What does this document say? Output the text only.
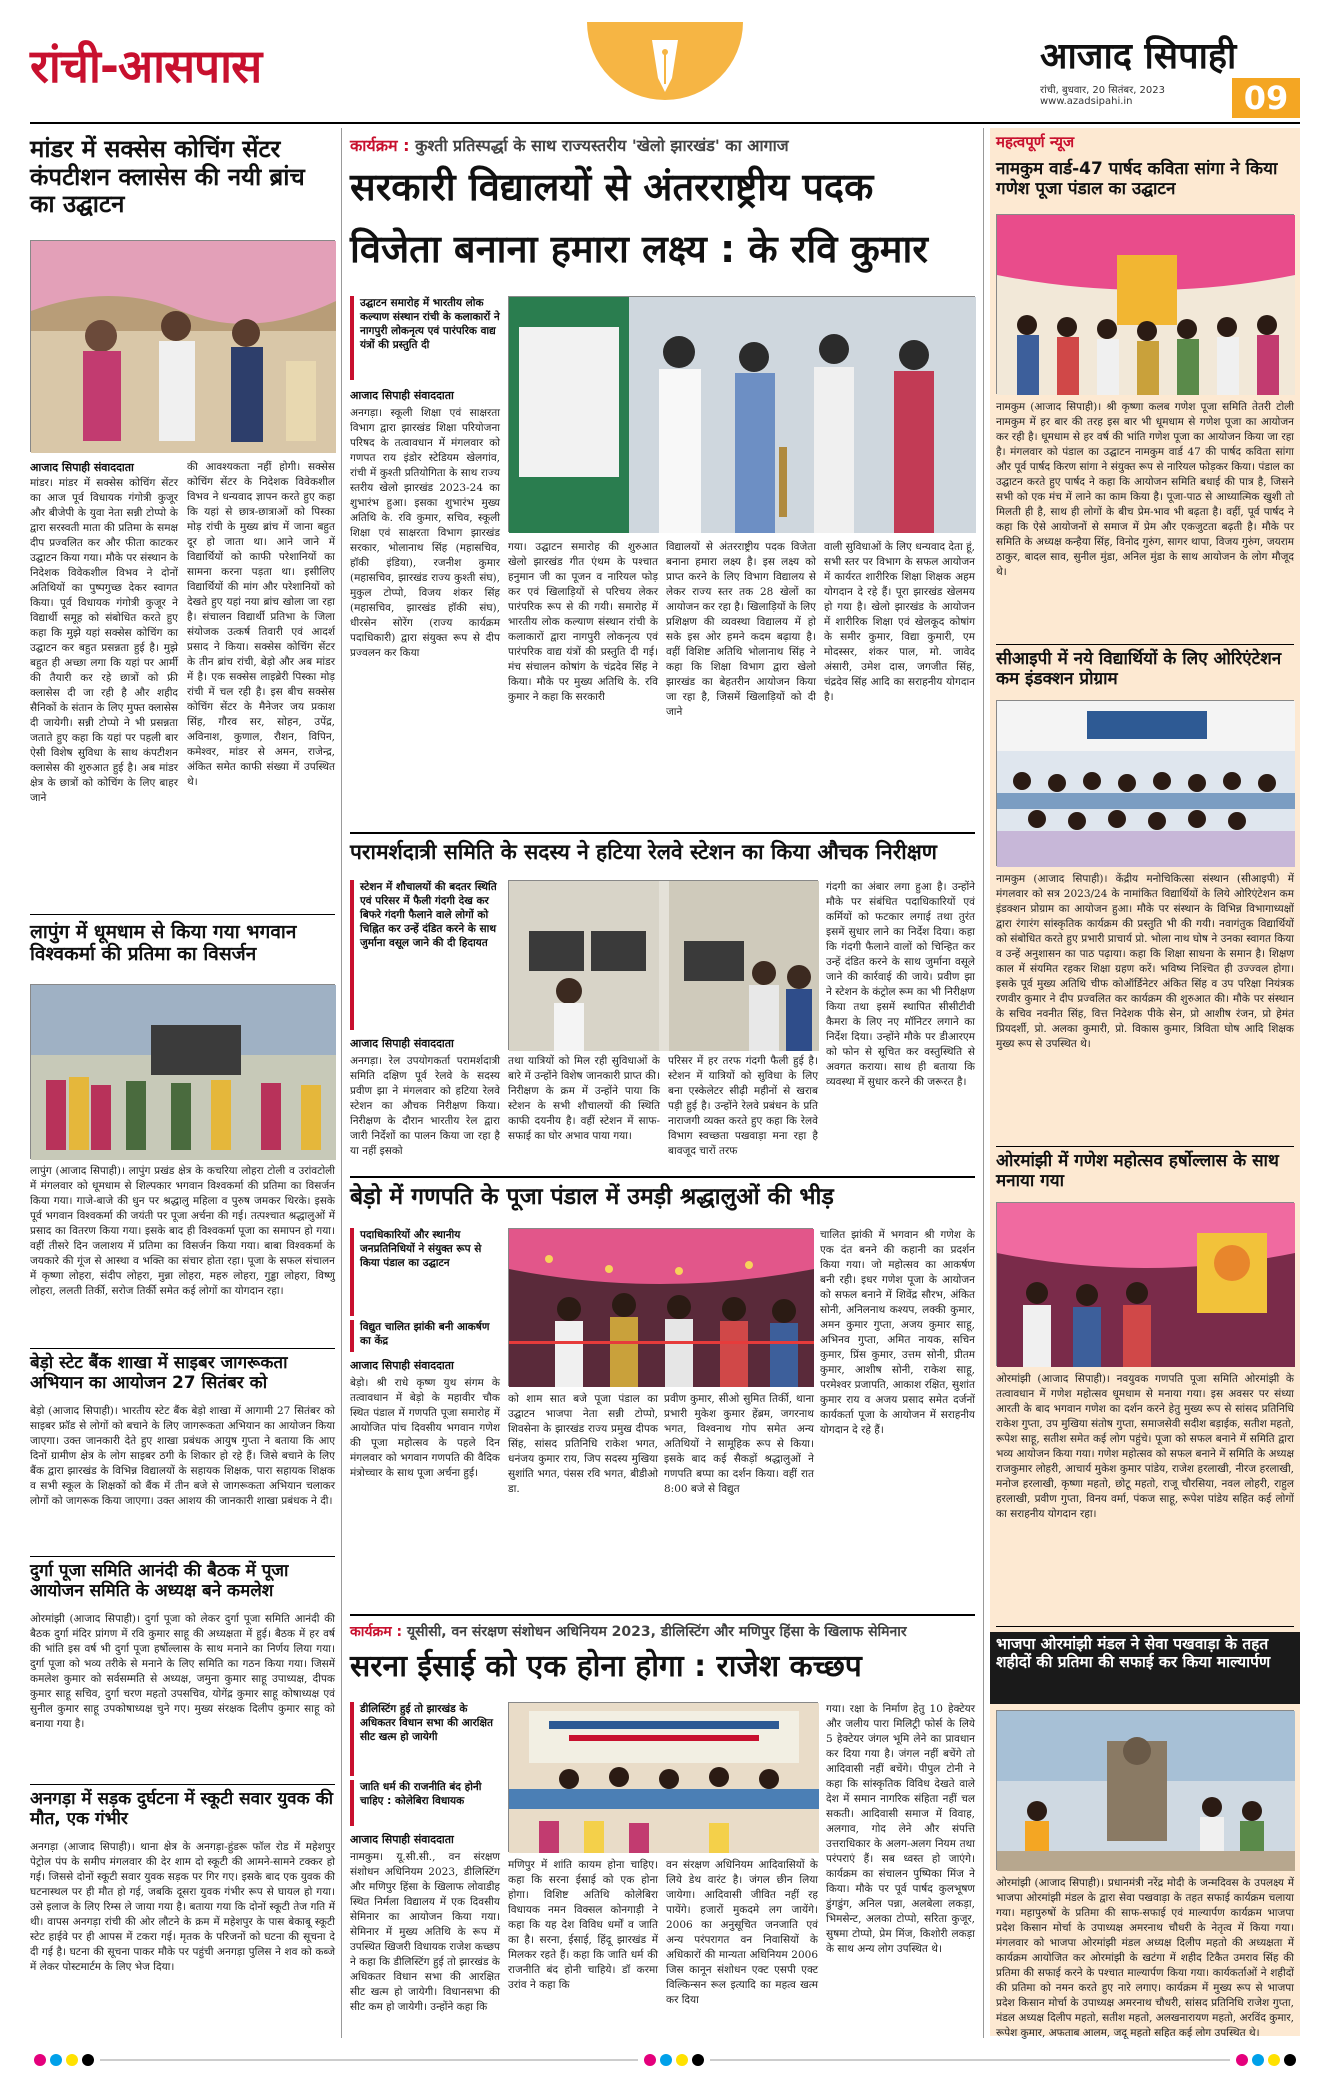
रांची-आसपास	आजाद सिपाही
रांची, बुधवार, 20 सितंबर, 2023
www.azadsipahi.in	09
मांडर में सक्सेस कोचिंग सेंटर कंपटीशन क्लासेस की नयी ब्रांच का उद्घाटन
आजाद सिपाही संवाददाता
मांडर। मांडर में सक्सेस कोचिंग सेंटर का आज पूर्व विधायक गंगोत्री कुजूर और बीजेपी के युवा नेता सन्नी टोप्पो के द्वारा सरस्वती माता की प्रतिमा के समक्ष दीप प्रज्वलित कर और फीता काटकर उद्घाटन किया गया। मौके पर संस्थान के निदेशक विवेकशील विभव ने दोनों अतिथियों का पुष्पगुच्छ देकर स्वागत किया। पूर्व विधायक गंगोत्री कुजूर ने विद्यार्थी समूह को संबोधित करते हुए कहा कि मुझे यहां सक्सेस कोचिंग का उद्घाटन कर बहुत प्रसन्नता हुई है। मुझे बहुत ही अच्छा लगा कि यहां पर आर्मी की तैयारी कर रहे छात्रों को फ्री क्लासेस दी जा रही है और शहीद सैनिकों के संतान के लिए मुफ्त क्लासेस दी जायेगी। सन्नी टोप्पो ने भी प्रसन्नता जताते हुए कहा कि यहां पर पहली बार ऐसी विशेष सुविधा के साथ कंपटीशन क्लासेस की शुरुआत हुई है। अब मांडर क्षेत्र के छात्रों को कोचिंग के लिए बाहर जाने
की आवश्यकता नहीं होगी। सक्सेस कोचिंग सेंटर के निदेशक विवेकशील विभव ने धन्यवाद ज्ञापन करते हुए कहा कि यहां से छात्र-छात्राओं को पिस्का मोड़ रांची के मुख्य ब्रांच में जाना बहुत दूर हो जाता था। आने जाने में विद्यार्थियों को काफी परेशानियों का सामना करना पड़ता था। इसीलिए विद्यार्थियों की मांग और परेशानियों को देखते हुए यहां नया ब्रांच खोला जा रहा है। संचालन विद्यार्थी प्रतिभा के जिला संयोजक उत्कर्ष तिवारी एवं आदर्श प्रसाद ने किया। सक्सेस कोचिंग सेंटर के तीन ब्रांच रांची, बेड़ो और अब मांडर में है। एक सक्सेस लाइब्रेरी पिस्का मोड़ रांची में चल रही है। इस बीच सक्सेस कोचिंग सेंटर के मैनेजर जय प्रकाश सिंह, गौरव सर, सोहन, उपेंद्र, अविनाश, कुणाल, रौशन, विपिन, कमेश्वर, मांडर से अमन, राजेन्द्र, अंकित समेत काफी संख्या में उपस्थित थे।
लापुंग में धूमधाम से किया गया भगवान विश्वकर्मा की प्रतिमा का विसर्जन
लापुंग (आजाद सिपाही)। लापुंग प्रखंड क्षेत्र के कचरिया लोहरा टोली व उरांवटोली में मंगलवार को धूमधाम से शिल्पकार भगवान विश्वकर्मा की प्रतिमा का विसर्जन किया गया। गाजे-बाजे की धुन पर श्रद्धालु महिला व पुरुष जमकर थिरके। इसके पूर्व भगवान विश्वकर्मा की जयंती पर पूजा अर्चना की गई। तत्पश्चात श्रद्धालुओं में प्रसाद का वितरण किया गया। इसके बाद ही विश्वकर्मा पूजा का समापन हो गया। वहीं तीसरे दिन जलाशय में प्रतिमा का विसर्जन किया गया। बाबा विश्वकर्मा के जयकारे की गूंज से आस्था व भक्ति का संचार होता रहा। पूजा के सफल संचालन में कृष्णा लोहरा, संदीप लोहरा, मुन्ना लोहरा, महरु लोहरा, गुड्डा लोहरा, विष्णु लोहरा, ललती तिर्की, सरोज तिर्की समेत कई लोगों का योगदान रहा।
बेड़ो स्टेट बैंक शाखा में साइबर जागरूकता अभियान का आयोजन 27 सितंबर को
बेड़ो (आजाद सिपाही)। भारतीय स्टेट बैंक बेड़ो शाखा में आगामी 27 सितंबर को साइबर फ्रॉड से लोगों को बचाने के लिए जागरूकता अभियान का आयोजन किया जाएगा। उक्त जानकारी देते हुए शाखा प्रबंधक आयुष गुप्ता ने बताया कि आए दिनों ग्रामीण क्षेत्र के लोग साइबर ठगी के शिकार हो रहे हैं। जिसे बचाने के लिए बैंक द्वारा झारखंड के विभिन्न विद्यालयों के सहायक शिक्षक, पारा सहायक शिक्षक व सभी स्कूल के शिक्षकों को बैंक में तीन बजे से जागरूकता अभियान चलाकर लोगों को जागरूक किया जाएगा। उक्त आशय की जानकारी शाखा प्रबंधक ने दी।
दुर्गा पूजा समिति आनंदी की बैठक में पूजा आयोजन समिति के अध्यक्ष बने कमलेश
ओरमांझी (आजाद सिपाही)। दुर्गा पूजा को लेकर दुर्गा पूजा समिति आनंदी की बैठक दुर्गा मंदिर प्रांगण में रवि कुमार साहू की अध्यक्षता में हुई। बैठक में हर वर्ष की भांति इस वर्ष भी दुर्गा पूजा हर्षोल्लास के साथ मनाने का निर्णय लिया गया। दुर्गा पूजा को भव्य तरीके से मनाने के लिए समिति का गठन किया गया। जिसमें कमलेश कुमार को सर्वसम्मति से अध्यक्ष, जमुना कुमार साहू उपाध्यक्ष, दीपक कुमार साहू सचिव, दुर्गा चरण महतो उपसचिव, योगेंद्र कुमार साहू कोषाध्यक्ष एवं सुनील कुमार साहू उपकोषाध्यक्ष चुने गए। मुख्य संरक्षक दिलीप कुमार साहू को बनाया गया है।
अनगड़ा में सड़क दुर्घटना में स्कूटी सवार युवक की मौत, एक गंभीर
अनगड़ा (आजाद सिपाही)। थाना क्षेत्र के अनगड़ा-हुंडरू फॉल रोड में महेशपुर पेट्रोल पंप के समीप मंगलवार की देर शाम दो स्कूटी की आमने-सामने टक्कर हो गई। जिससे दोनों स्कूटी सवार युवक सड़क पर गिर गए। इसके बाद एक युवक की घटनास्थल पर ही मौत हो गई, जबकि दूसरा युवक गंभीर रूप से घायल हो गया। उसे इलाज के लिए रिम्स ले जाया गया है। बताया गया कि दोनों स्कूटी तेज गति में थी। वापस अनगड़ा रांची की ओर लौटने के क्रम में महेशपुर के पास बेकाबू स्कूटी स्टेट हाईवे पर ही आपस में टकरा गई। मृतक के परिजनों को घटना की सूचना दे दी गई है। घटना की सूचना पाकर मौके पर पहुंची अनगड़ा पुलिस ने शव को कब्जे में लेकर पोस्टमार्टम के लिए भेज दिया।
कार्यक्रम : कुश्ती प्रतिस्पर्द्धा के साथ राज्यस्तरीय 'खेलो झारखंड' का आगाज
सरकारी विद्यालयों से अंतरराष्ट्रीय पदक
विजेता बनाना हमारा लक्ष्य : के रवि कुमार
उद्घाटन समारोह में भारतीय लोक कल्याण संस्थान रांची के कलाकारों ने नागपुरी लोकनृत्य एवं पारंपरिक वाद्य यंत्रों की प्रस्तुति दी
आजाद सिपाही संवाददाता
अनगड़ा। स्कूली शिक्षा एवं साक्षरता विभाग द्वारा झारखंड शिक्षा परियोजना परिषद के तत्वावधान में मंगलवार को गणपत राय इंडोर स्टेडियम खेलगांव, रांची में कुश्ती प्रतियोगिता के साथ राज्य स्तरीय खेलो झारखंड 2023-24 का शुभारंभ हुआ। इसका शुभारंभ मुख्य अतिथि के. रवि कुमार, सचिव, स्कूली शिक्षा एवं साक्षरता विभाग झारखंड सरकार, भोलानाथ सिंह (महासचिव, हॉकी इंडिया), रजनीश कुमार (महासचिव, झारखंड राज्य कुश्ती संघ), मुकुल टोप्पो, विजय शंकर सिंह (महासचिव, झारखंड हॉकी संघ), धीरसेन सोरेंग (राज्य कार्यक्रम पदाधिकारी) द्वारा संयुक्त रूप से दीप प्रज्वलन कर किया
गया। उद्घाटन समारोह की शुरुआत खेलो झारखंड गीत एंथम के पश्चात हनुमान जी का पूजन व नारियल फोड़ कर एवं खिलाड़ियों से परिचय लेकर पारंपरिक रूप से की गयी। समारोह में भारतीय लोक कल्याण संस्थान रांची के कलाकारों द्वारा नागपुरी लोकनृत्य एवं पारंपरिक वाद्य यंत्रों की प्रस्तुति दी गई। मंच संचालन कोषांग के चंद्रदेव सिंह ने किया। मौके पर मुख्य अतिथि के. रवि कुमार ने कहा कि सरकारी
विद्यालयों से अंतरराष्ट्रीय पदक विजेता बनाना हमारा लक्ष्य है। इस लक्ष्य को प्राप्त करने के लिए विभाग विद्यालय से लेकर राज्य स्तर तक 28 खेलों का आयोजन कर रहा है। खिलाड़ियों के लिए प्रशिक्षण की व्यवस्था विद्यालय में हो सके इस ओर हमने कदम बढ़ाया है। वहीं विशिष्ट अतिथि भोलानाथ सिंह ने कहा कि शिक्षा विभाग द्वारा खेलो झारखंड का बेहतरीन आयोजन किया जा रहा है, जिसमें खिलाड़ियों को दी जाने
वाली सुविधाओं के लिए धन्यवाद देता हूं, सभी स्तर पर विभाग के सफल आयोजन में कार्यरत शारीरिक शिक्षा शिक्षक अहम योगदान दे रहे हैं। पूरा झारखंड खेलमय हो गया है। खेलो झारखंड के आयोजन में शारीरिक शिक्षा एवं खेलकूद कोषांग के समीर कुमार, विद्या कुमारी, एम मोदस्सर, शंकर पाल, मो. जावेद अंसारी, उमेश दास, जगजीत सिंह, चंद्रदेव सिंह आदि का सराहनीय योगदान है।
परामर्शदात्री समिति के सदस्य ने हटिया रेलवे स्टेशन का किया औचक निरीक्षण
स्टेशन में शौचालयों की बदतर स्थिति एवं परिसर में फैली गंदगी देख कर बिफरे गंदगी फैलाने वाले लोगों को चिह्नित कर उन्हें दंडित करने के साथ जुर्माना वसूल जाने की दी हिदायत
आजाद सिपाही संवाददाता
गंदगी का अंबार लगा हुआ है। उन्होंने मौके पर संबंधित पदाधिकारियों एवं कर्मियों को फटकार लगाई तथा तुरंत इसमें सुधार लाने का निर्देश दिया। कहा कि गंदगी फैलाने वालों को चिन्हित कर उन्हें दंडित करने के साथ जुर्माना वसूले जाने की कार्रवाई की जाये। प्रवीण झा ने स्टेशन के कंट्रोल रूम का भी निरीक्षण किया तथा इसमें स्थापित सीसीटीवी कैमरा के लिए नए मॉनिटर लगाने का निर्देश दिया। उन्होंने मौके पर डीआरएम को फोन से सूचित कर वस्तुस्थिति से अवगत कराया। साथ ही बताया कि व्यवस्था में सुधार करने की जरूरत है।
अनगड़ा। रेल उपयोगकर्ता परामर्शदात्री समिति दक्षिण पूर्व रेलवे के सदस्य प्रवीण झा ने मंगलवार को हटिया रेलवे स्टेशन का औचक निरीक्षण किया। निरीक्षण के दौरान भारतीय रेल द्वारा जारी निर्देशों का पालन किया जा रहा है या नहीं इसको
तथा यात्रियों को मिल रही सुविधाओं के बारे में उन्होंने विशेष जानकारी प्राप्त की। निरीक्षण के क्रम में उन्होंने पाया कि स्टेशन के सभी शौचालयों की स्थिति काफी दयनीय है। वहीं स्टेशन में साफ-सफाई का घोर अभाव पाया गया।
परिसर में हर तरफ गंदगी फैली हुई है। स्टेशन में यात्रियों को सुविधा के लिए बना एस्केलेटर सीढ़ी महीनों से खराब पड़ी हुई है। उन्होंने रेलवे प्रबंधन के प्रति नाराजगी व्यक्त करते हुए कहा कि रेलवे विभाग स्वच्छता पखवाड़ा मना रहा है बावजूद चारों तरफ
बेड़ो में गणपति के पूजा पंडाल में उमड़ी श्रद्धालुओं की भीड़
पदाधिकारियों और स्थानीय जनप्रतिनिधियों ने संयुक्त रूप से किया पंडाल का उद्घाटन
विद्युत चालित झांकी बनी आकर्षण का केंद्र
आजाद सिपाही संवाददाता
चालित झांकी में भगवान श्री गणेश के एक दंत बनने की कहानी का प्रदर्शन किया गया। जो महोत्सव का आकर्षण बनी रही। इधर गणेश पूजा के आयोजन को सफल बनाने में शिवेंद्र सौरभ, अंकित सोनी, अनिलनाथ कश्यप, लक्की कुमार, अमन कुमार गुप्ता, अजय कुमार साहू, अभिनव गुप्ता, अमित नायक, सचिन कुमार, प्रिंस कुमार, उत्तम सोनी, प्रीतम कुमार, आशीष सोनी, राकेश साहू, परमेश्वर प्रजापति, आकाश रक्षित, सुशांत कुमार राय व अजय प्रसाद समेत दर्जनों कार्यकर्ता पूजा के आयोजन में सराहनीय योगदान दे रहे हैं।
बेड़ो। श्री राधे कृष्ण युथ संगम के तत्वावधान में बेड़ो के महावीर चौक स्थित पंडाल में गणपति पूजा समारोह में आयोजित पांच दिवसीय भगवान गणेश की पूजा महोत्सव के पहले दिन मंगलवार को भगवान गणपति की वैदिक मंत्रोच्चार के साथ पूजा अर्चना हुई।
को शाम सात बजे पूजा पंडाल का उद्घाटन भाजपा नेता सन्नी टोप्पो, शिवसेना के झारखंड राज्य प्रमुख दीपक सिंह, सांसद प्रतिनिधि राकेश भगत, धनंजय कुमार राय, जिप सदस्य मुखिया सुशांति भगत, पंसस रवि भगत, बीडीओ डा.
प्रवीण कुमार, सीओ सुमित तिर्की, थाना प्रभारी मुकेश कुमार हेंब्रम, जगरनाथ भगत, विश्वनाथ गोप समेत अन्य अतिथियों ने सामूहिक रूप से किया। इसके बाद कई सैकड़ों श्रद्धालुओं ने गणपति बप्पा का दर्शन किया। वहीं रात 8:00 बजे से विद्युत
कार्यक्रम : यूसीसी, वन संरक्षण संशोधन अधिनियम 2023, डीलिस्टिंग और मणिपुर हिंसा के खिलाफ सेमिनार
सरना ईसाई को एक होना होगा : राजेश कच्छप
डीलिस्टिंग हुई तो झारखंड के अधिकतर विधान सभा की आरक्षित सीट खत्म हो जायेगी
जाति धर्म की राजनीति बंद होनी चाहिए : कोलेबिरा विधायक
आजाद सिपाही संवाददाता
नामकुम। यू.सी.सी., वन संरक्षण संशोधन अधिनियम 2023, डीलिस्टिंग और मणिपुर हिंसा के खिलाफ लोवाडीह स्थित निर्मला विद्यालय में एक दिवसीय सेमिनार का आयोजन किया गया। सेमिनार में मुख्य अतिथि के रूप में उपस्थित खिजरी विधायक राजेश कच्छप ने कहा कि डीलिस्टिंग हुई तो झारखंड के अधिकतर विधान सभा की आरक्षित सीट खत्म हो जायेगी। विधानसभा की सीट कम हो जायेगी। उन्होंने कहा कि
मणिपुर में शांति कायम होना चाहिए। कहा कि सरना ईसाई को एक होना होगा। विशिष्ट अतिथि कोलेबिरा विधायक नमन विक्सल कोनगाड़ी ने कहा कि यह देश विविध धर्मों व जाति का है। सरना, ईसाई, हिंदू झारखंड में मिलकर रहते हैं। कहा कि जाति धर्म की राजनीति बंद होनी चाहिये। डॉ करमा उरांव ने कहा कि
वन संरक्षण अधिनियम आदिवासियों के लिये डेथ वारंट है। जंगल छीन लिया जायेगा। आदिवासी जीवित नहीं रह पायेंगे। हजारों मुकदमे लग जायेंगे। 2006 का अनुसूचित जनजाति एवं अन्य परंपरागत वन निवासियों के अधिकारों की मान्यता अधिनियम 2006 जिस कानून संशोधन एक्ट एसपी एक्ट विल्किन्सन रूल इत्यादि का महत्व खत्म कर दिया
गया। रक्षा के निर्माण हेतु 10 हेक्टेयर और जलीय पारा मिलिट्री फोर्स के लिये 5 हेक्टेयर जंगल भूमि लेने का प्रावधान कर दिया गया है। जंगल नहीं बचेंगे तो आदिवासी नहीं बचेंगे। पीपुल टोनी ने कहा कि सांस्कृतिक विविध देखते वाले देश में समान नागरिक संहिता नहीं चल सकती। आदिवासी समाज में विवाह, अलगाव, गोद लेने और संपत्ति उत्तराधिकार के अलग-अलग नियम तथा परंपराएं हैं। सब ध्वस्त हो जाएंगे। कार्यक्रम का संचालन पुष्पिका मिंज ने किया। मौके पर पूर्व पार्षद कुलभूषण डुंगडुंग, अनिल पन्ना, अलबेला लकड़ा, भिमसेन्ट, अलका टोप्पो, सरिता कुजूर, सुषमा टोप्पो, प्रेम मिंज, किशोरी लकड़ा के साथ अन्य लोग उपस्थित थे।
महत्वपूर्ण न्यूज
नामकुम वार्ड-47 पार्षद कविता सांगा ने किया गणेश पूजा पंडाल का उद्घाटन
नामकुम (आजाद सिपाही)। श्री कृष्णा कलब गणेश पूजा समिति तेतरी टोली नामकुम में हर बार की तरह इस बार भी धूमधाम से गणेश पूजा का आयोजन कर रही है। धूमधाम से हर वर्ष की भांति गणेश पूजा का आयोजन किया जा रहा है। मंगलवार को पंडाल का उद्घाटन नामकुम वार्ड 47 की पार्षद कविता सांगा और पूर्व पार्षद किरण सांगा ने संयुक्त रूप से नारियल फोड़कर किया। पंडाल का उद्घाटन करते हुए पार्षद ने कहा कि आयोजन समिति बधाई की पात्र है, जिसने सभी को एक मंच में लाने का काम किया है। पूजा-पाठ से आध्यात्मिक खुशी तो मिलती ही है, साथ ही लोगों के बीच प्रेम-भाव भी बढ़ता है। वहीं, पूर्व पार्षद ने कहा कि ऐसे आयोजनों से समाज में प्रेम और एकजुटता बढ़ती है। मौके पर समिति के अध्यक्ष कन्हैया सिंह, विनोद गुरुंग, सागर थापा, विजय गुरुंग, जयराम ठाकुर, बादल साव, सुनील मुंडा, अनिल मुंडा के साथ आयोजन के लोग मौजूद थे।
सीआइपी में नये विद्यार्थियों के लिए ओरिएंटेशन कम इंडक्शन प्रोग्राम
नामकुम (आजाद सिपाही)। केंद्रीय मनोचिकित्सा संस्थान (सीआइपी) में मंगलवार को सत्र 2023/24 के नामांकित विद्यार्थियों के लिये ओरिएंटेशन कम इंडक्शन प्रोग्राम का आयोजन हुआ। मौके पर संस्थान के विभिन्न विभागाध्यक्षों द्वारा रंगारंग सांस्कृतिक कार्यक्रम की प्रस्तुति भी की गयी। नवागंतुक विद्यार्थियों को संबोधित करते हुए प्रभारी प्राचार्य प्रो. भोला नाथ घोष ने उनका स्वागत किया व उन्हें अनुशासन का पाठ पढ़ाया। कहा कि शिक्षा साधना के समान है। शिक्षण काल में संयमित रहकर शिक्षा ग्रहण करें। भविष्य निश्चित ही उज्ज्वल होगा। इसके पूर्व मुख्य अतिथि चीफ कोऑर्डिनेटर अंकित सिंह व उप परिक्षा नियंत्रक रणवीर कुमार ने दीप प्रज्वलित कर कार्यक्रम की शुरुआत की। मौके पर संस्थान के सचिव नवनीत सिंह, वित्त निदेशक पीके सेन, प्रो आशीष रंजन, प्रो हेमंत प्रियदर्शी, प्रो. अलका कुमारी, प्रो. विकास कुमार, त्रिविता घोष आदि शिक्षक मुख्य रूप से उपस्थित थे।
ओरमांझी में गणेश महोत्सव हर्षोल्लास के साथ मनाया गया
ओरमांझी (आजाद सिपाही)। नवयुवक गणपति पूजा समिति ओरमांझी के तत्वावधान में गणेश महोत्सव धूमधाम से मनाया गया। इस अवसर पर संध्या आरती के बाद भगवान गणेश का दर्शन करने हेतु मुख्य रूप से सांसद प्रतिनिधि राकेश गुप्ता, उप मुखिया संतोष गुप्ता, समाजसेवी सदीश बड़ाईक, सतीश महतो, रूपेश साहू, सतीश समेत कई लोग पहुंचे। पूजा को सफल बनाने में समिति द्वारा भव्य आयोजन किया गया। गणेश महोत्सव को सफल बनाने में समिति के अध्यक्ष राजकुमार लोहरी, आचार्य मुकेश कुमार पांडेय, राजेश हरलाखी, नीरज हरलाखी, मनोज हरलाखी, कृष्णा महतो, छोटू महतो, राजू चौरसिया, नवल लोहरी, राहुल हरलाखी, प्रवीण गुप्ता, विनय वर्मा, पंकज साहू, रूपेश पांडेय सहित कई लोगों का सराहनीय योगदान रहा।
भाजपा ओरमांझी मंडल ने सेवा पखवाड़ा के तहत शहीदों की प्रतिमा की सफाई कर किया माल्यार्पण
ओरमांझी (आजाद सिपाही)। प्रधानमंत्री नरेंद्र मोदी के जन्मदिवस के उपलक्ष्य में भाजपा ओरमांझी मंडल के द्वारा सेवा पखवाड़ा के तहत सफाई कार्यक्रम चलाया गया। महापुरुषों के प्रतिमा की साफ-सफाई एवं माल्यार्पण कार्यक्रम भाजपा प्रदेश किसान मोर्चा के उपाध्यक्ष अमरनाथ चौधरी के नेतृत्व में किया गया। मंगलवार को भाजपा ओरमांझी मंडल अध्यक्ष दिलीप महतो की अध्यक्षता में कार्यक्रम आयोजित कर ओरमांझी के खटंगा में शहीद टिकैत उमराव सिंह की प्रतिमा की सफाई करने के पश्चात माल्यार्पण किया गया। कार्यकर्ताओं ने शहीदों की प्रतिमा को नमन करते हुए नारे लगाए। कार्यक्रम में मुख्य रूप से भाजपा प्रदेश किसान मोर्चा के उपाध्यक्ष अमरनाथ चौधरी, सांसद प्रतिनिधि राजेश गुप्ता, मंडल अध्यक्ष दिलीप महतो, सतीश महतो, अलखनारायण महतो, अरविंद कुमार, रूपेश कुमार, अफताब आलम, जदू महतो सहित कई लोग उपस्थित थे।
